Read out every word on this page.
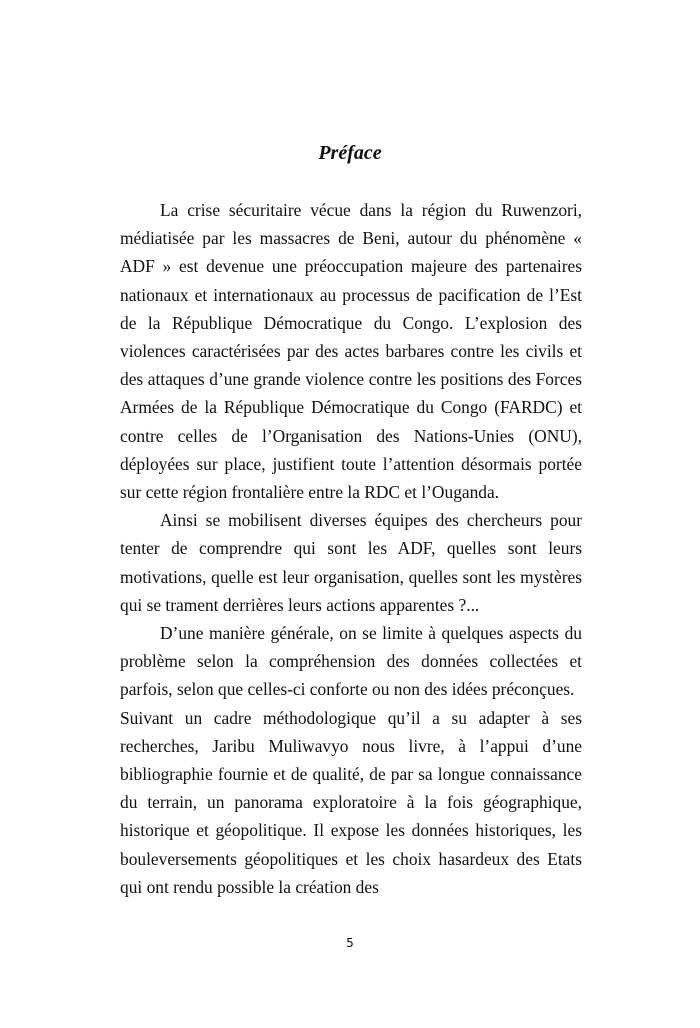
Préface

La crise sécuritaire vécue dans la région du Ruwenzori, médiatisée par les massacres de Beni, autour du phénomène « ADF » est devenue une préoccupation majeure des partenaires nationaux et internationaux au processus de pacification de l’Est de la République Démocratique du Congo. L’explosion des violences caractérisées par des actes barbares contre les civils et des attaques d’une grande violence contre les positions des Forces Armées de la République Démocratique du Congo (FARDC) et contre celles de l’Organisation des Nations-Unies (ONU), déployées sur place, justifient toute l’attention désormais portée sur cette région frontalière entre la RDC et l’Ouganda.

Ainsi se mobilisent diverses équipes des chercheurs pour tenter de comprendre qui sont les ADF, quelles sont leurs motivations, quelle est leur organisation, quelles sont les mystères qui se trament derrières leurs actions apparentes ?...

D’une manière générale, on se limite à quelques aspects du problème selon la compréhension des données collectées et parfois, selon que celles-ci conforte ou non des idées préconçues.

Suivant un cadre méthodologique qu’il a su adapter à ses recherches, Jaribu Muliwavyo nous livre, à l’appui d’une bibliographie fournie et de qualité, de par sa longue connaissance du terrain, un panorama exploratoire à la fois géographique, historique et géopolitique. Il expose les données historiques, les bouleversements géopolitiques et les choix hasardeux des Etats qui ont rendu possible la création des

5
